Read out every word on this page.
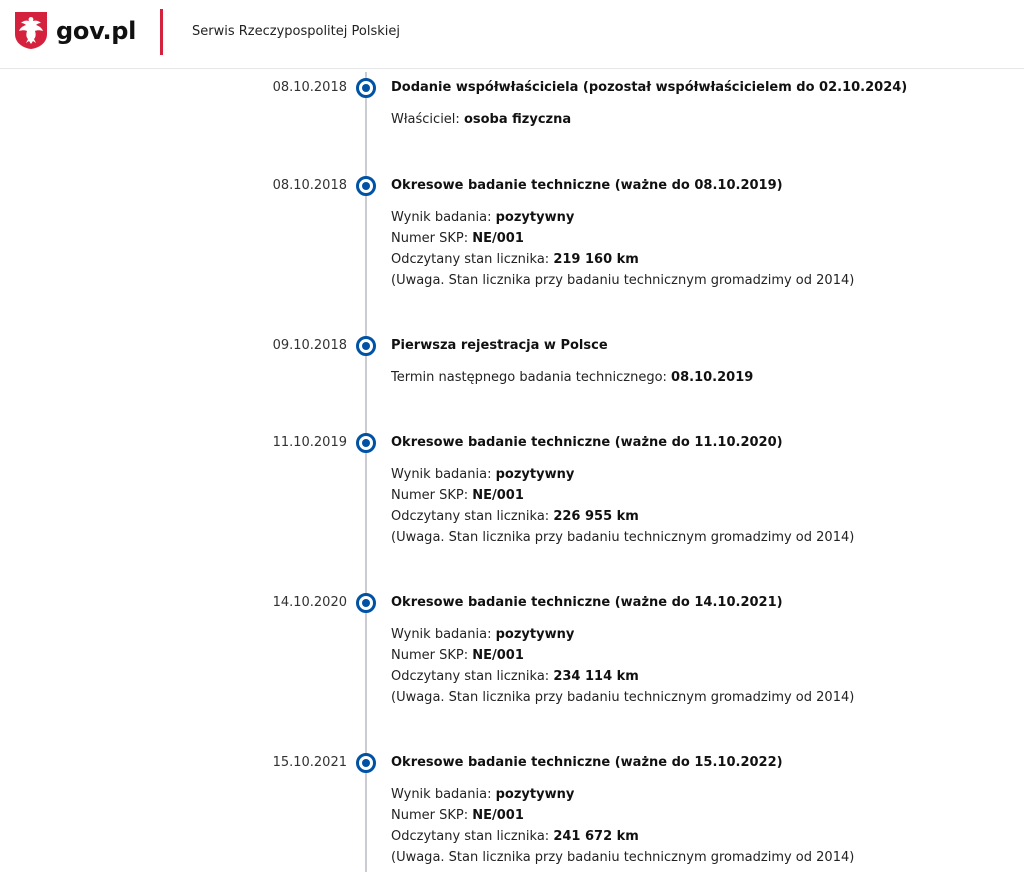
gov.pl	Serwis Rzeczypospolitej Polskiej
08.10.2018	Dodanie współwłaściciela (pozostał współwłaścicielem do 02.10.2024)
Właściciel: osoba fizyczna
08.10.2018	Okresowe badanie techniczne (ważne do 08.10.2019)
Wynik badania: pozytywny
Numer SKP: NE/001
Odczytany stan licznika: 219 160 km
(Uwaga. Stan licznika przy badaniu technicznym gromadzimy od 2014)
09.10.2018	Pierwsza rejestracja w Polsce
Termin następnego badania technicznego: 08.10.2019
11.10.2019	Okresowe badanie techniczne (ważne do 11.10.2020)
Wynik badania: pozytywny
Numer SKP: NE/001
Odczytany stan licznika: 226 955 km
(Uwaga. Stan licznika przy badaniu technicznym gromadzimy od 2014)
14.10.2020	Okresowe badanie techniczne (ważne do 14.10.2021)
Wynik badania: pozytywny
Numer SKP: NE/001
Odczytany stan licznika: 234 114 km
(Uwaga. Stan licznika przy badaniu technicznym gromadzimy od 2014)
15.10.2021	Okresowe badanie techniczne (ważne do 15.10.2022)
Wynik badania: pozytywny
Numer SKP: NE/001
Odczytany stan licznika: 241 672 km
(Uwaga. Stan licznika przy badaniu technicznym gromadzimy od 2014)
